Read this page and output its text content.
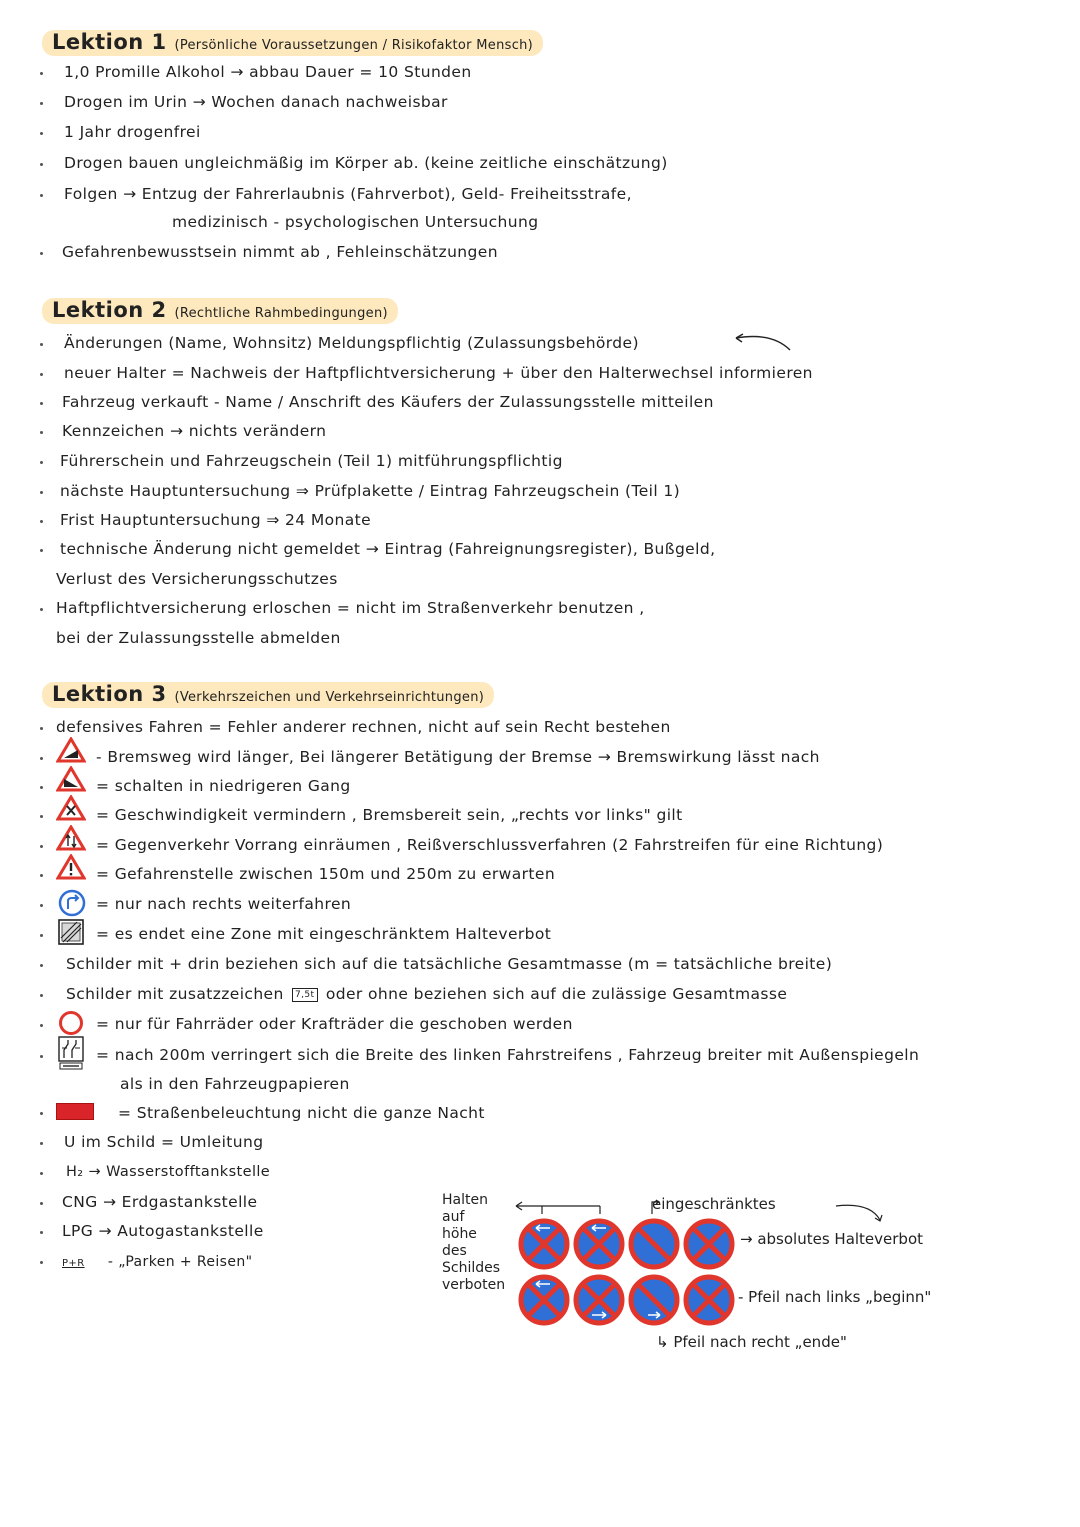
Lektion 1 (Persönliche Voraussetzungen / Risikofaktor Mensch)
1,0 Promille Alkohol → abbau Dauer = 10 Stunden
Drogen im Urin → Wochen danach nachweisbar
1 Jahr drogenfrei
Drogen bauen ungleichmäßig im Körper ab. (keine zeitliche einschätzung)
Folgen → Entzug der Fahrerlaubnis (Fahrverbot), Geld- Freiheitsstrafe,
medizinisch - psychologischen Untersuchung
Gefahrenbewusstsein nimmt ab , Fehleinschätzungen
Lektion 2 (Rechtliche Rahmbedingungen)
Änderungen (Name, Wohnsitz) Meldungspflichtig (Zulassungsbehörde)
neuer Halter = Nachweis der Haftpflichtversicherung + über den Halterwechsel informieren
Fahrzeug verkauft - Name / Anschrift des Käufers der Zulassungsstelle mitteilen
Kennzeichen → nichts verändern
Führerschein und Fahrzeugschein (Teil 1) mitführungspflichtig
nächste Hauptuntersuchung ⇒ Prüfplakette / Eintrag Fahrzeugschein (Teil 1)
Frist Hauptuntersuchung ⇒ 24 Monate
technische Änderung nicht gemeldet → Eintrag (Fahreignungsregister), Bußgeld,
Verlust des Versicherungsschutzes
Haftpflichtversicherung erloschen = nicht im Straßenverkehr benutzen ,
bei der Zulassungsstelle abmelden
Lektion 3 (Verkehrszeichen und Verkehrseinrichtungen)
defensives Fahren = Fehler anderer rechnen, nicht auf sein Recht bestehen
- Bremsweg wird länger, Bei längerer Betätigung der Bremse → Bremswirkung lässt nach
= schalten in niedrigeren Gang
= Geschwindigkeit vermindern , Bremsbereit sein, „rechts vor links" gilt
= Gegenverkehr Vorrang einräumen , Reißverschlussverfahren (2 Fahrstreifen für eine Richtung)
= Gefahrenstelle zwischen 150m und 250m zu erwarten
= nur nach rechts weiterfahren
= es endet eine Zone mit eingeschränktem Halteverbot
Schilder mit + drin beziehen sich auf die tatsächliche Gesamtmasse (m = tatsächliche breite)
Schilder mit zusatzzeichen 7,5t oder ohne beziehen sich auf die zulässige Gesamtmasse
= nur für Fahrräder oder Krafträder die geschoben werden
= nach 200m verringert sich die Breite des linken Fahrstreifens , Fahrzeug breiter mit Außenspiegeln
als in den Fahrzeugpapieren
= Straßenbeleuchtung nicht die ganze Nacht
U im Schild = Umleitung
H₂ → Wasserstofftankstelle
CNG → Erdgastankstelle
LPG → Autogastankstelle
P+R - „Parken + Reisen"
Halten
auf
höhe
des
Schildes
verboten
eingeschränktes
→ absolutes Halteverbot
- Pfeil nach links „beginn"
↳ Pfeil nach recht „ende"
